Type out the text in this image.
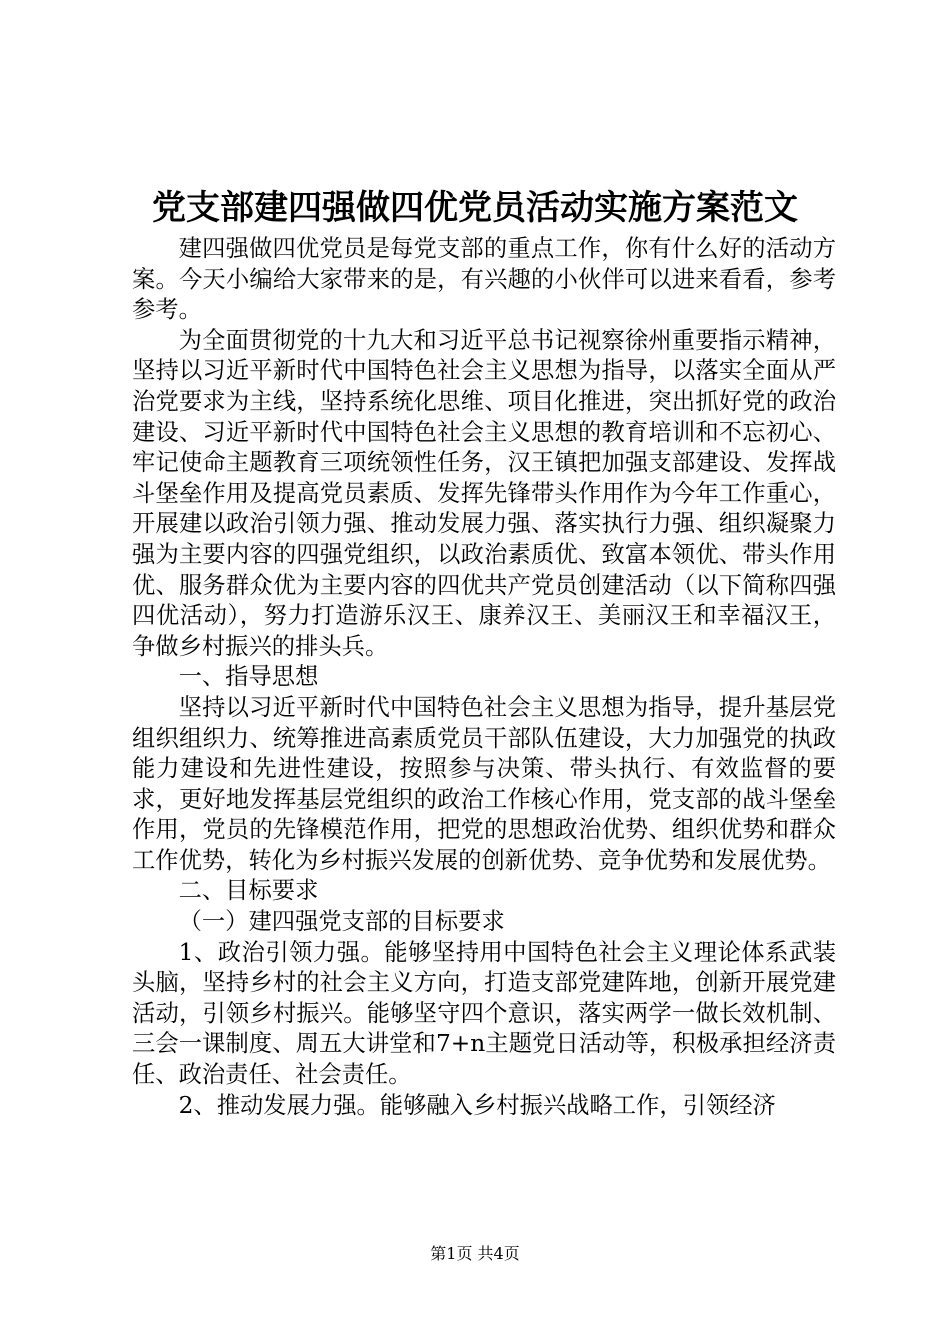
党支部建四强做四优党员活动实施方案范文

建四强做四优党员是每党支部的重点工作，你有什么好的活动方案。今天小编给大家带来的是，有兴趣的小伙伴可以进来看看，参考参考。

为全面贯彻党的十九大和习近平总书记视察徐州重要指示精神，坚持以习近平新时代中国特色社会主义思想为指导，以落实全面从严治党要求为主线，坚持系统化思维、项目化推进，突出抓好党的政治建设、习近平新时代中国特色社会主义思想的教育培训和不忘初心、牢记使命主题教育三项统领性任务，汉王镇把加强支部建设、发挥战斗堡垒作用及提高党员素质、发挥先锋带头作用作为今年工作重心，开展建以政治引领力强、推动发展力强、落实执行力强、组织凝聚力强为主要内容的四强党组织，以政治素质优、致富本领优、带头作用优、服务群众优为主要内容的四优共产党员创建活动（以下简称四强四优活动），努力打造游乐汉王、康养汉王、美丽汉王和幸福汉王，争做乡村振兴的排头兵。

一、指导思想

坚持以习近平新时代中国特色社会主义思想为指导，提升基层党组织组织力、统筹推进高素质党员干部队伍建设，大力加强党的执政能力建设和先进性建设，按照参与决策、带头执行、有效监督的要求，更好地发挥基层党组织的政治工作核心作用，党支部的战斗堡垒作用，党员的先锋模范作用，把党的思想政治优势、组织优势和群众工作优势，转化为乡村振兴发展的创新优势、竞争优势和发展优势。

二、目标要求

（一）建四强党支部的目标要求

1、政治引领力强。能够坚持用中国特色社会主义理论体系武装头脑，坚持乡村的社会主义方向，打造支部党建阵地，创新开展党建活动，引领乡村振兴。能够坚守四个意识，落实两学一做长效机制、三会一课制度、周五大讲堂和7+n主题党日活动等，积极承担经济责任、政治责任、社会责任。

2、推动发展力强。能够融入乡村振兴战略工作，引领经济

第1页 共4页
